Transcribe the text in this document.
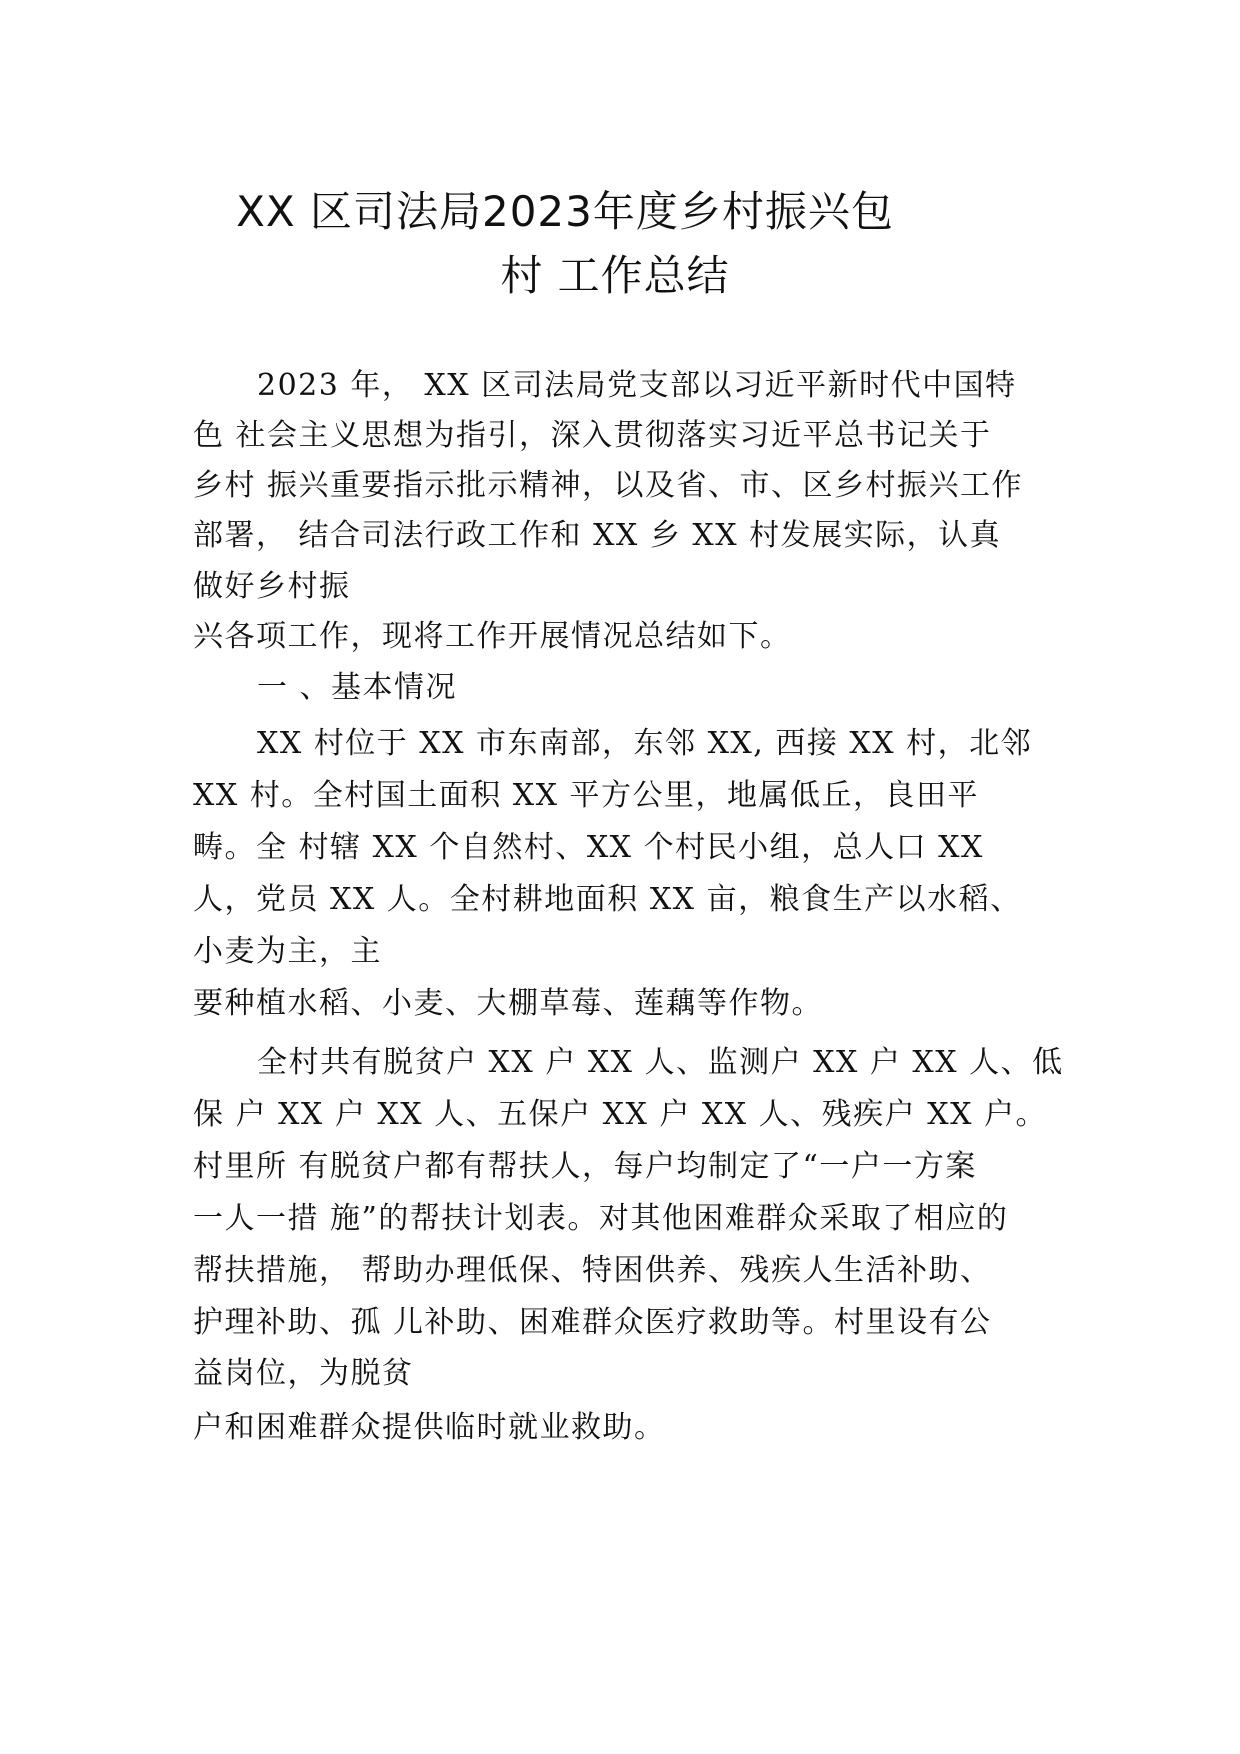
XX 区司法局2023年度乡村振兴包
村 工作总结
2023 年， XX 区司法局党支部以习近平新时代中国特
色 社会主义思想为指引，深入贯彻落实习近平总书记关于
乡村 振兴重要指示批示精神，以及省、市、区乡村振兴工作
部署， 结合司法行政工作和 XX 乡 XX 村发展实际，认真
做好乡村振
兴各项工作，现将工作开展情况总结如下。
一 、基本情况
XX 村位于 XX 市东南部，东邻 XX, 西接 XX 村，北邻
XX 村。全村国土面积 XX 平方公里，地属低丘，良田平
畴。全 村辖 XX 个自然村、XX 个村民小组，总人口 XX
人，党员 XX 人。全村耕地面积 XX 亩，粮食生产以水稻、
小麦为主，主
要种植水稻、小麦、大棚草莓、莲藕等作物。
全村共有脱贫户 XX 户 XX 人、监测户 XX 户 XX 人、低
保 户 XX 户 XX 人、五保户 XX 户 XX 人、残疾户 XX 户。
村里所 有脱贫户都有帮扶人，每户均制定了“一户一方案
一人一措 施”的帮扶计划表。对其他困难群众采取了相应的
帮扶措施， 帮助办理低保、特困供养、残疾人生活补助、
护理补助、孤 儿补助、困难群众医疗救助等。村里设有公
益岗位，为脱贫
户和困难群众提供临时就业救助。
